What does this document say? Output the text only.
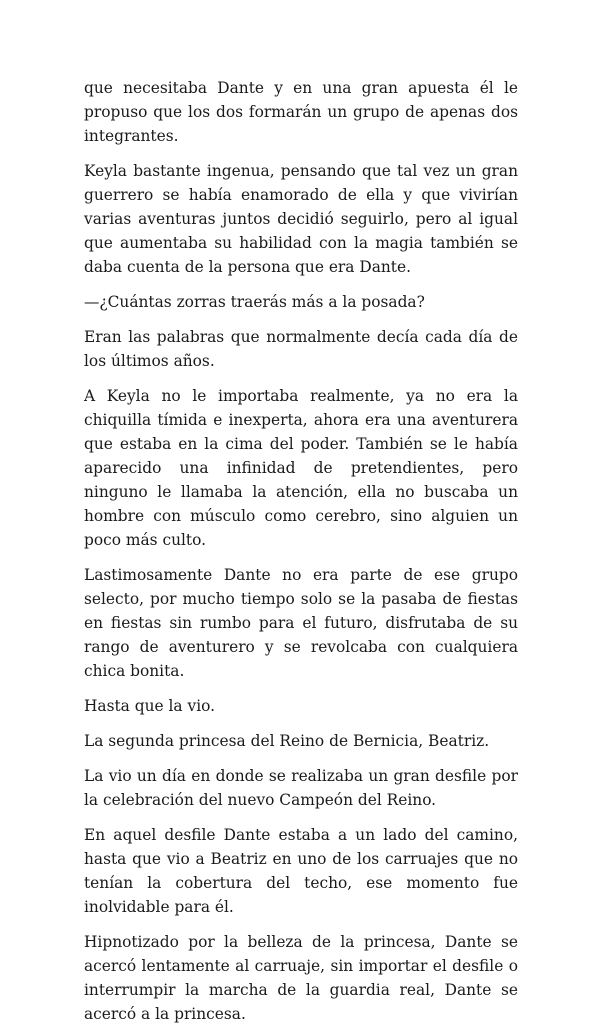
que necesitaba Dante y en una gran apuesta él le propuso que los dos formarán un grupo de apenas dos integrantes.

Keyla bastante ingenua, pensando que tal vez un gran guerrero se había enamorado de ella y que vivirían varias aventuras juntos decidió seguirlo, pero al igual que aumentaba su habilidad con la magia también se daba cuenta de la persona que era Dante.

—¿Cuántas zorras traerás más a la posada?

Eran las palabras que normalmente decía cada día de los últimos años.

A Keyla no le importaba realmente, ya no era la chiquilla tímida e inexperta, ahora era una aventurera que estaba en la cima del poder. También se le había aparecido una infinidad de pretendientes, pero ninguno le llamaba la atención, ella no buscaba un hombre con músculo como cerebro, sino alguien un poco más culto.

Lastimosamente Dante no era parte de ese grupo selecto, por mucho tiempo solo se la pasaba de fiestas en fiestas sin rumbo para el futuro, disfrutaba de su rango de aventurero y se revolcaba con cualquiera chica bonita.

Hasta que la vio.

La segunda princesa del Reino de Bernicia, Beatriz.

La vio un día en donde se realizaba un gran desfile por la celebración del nuevo Campeón del Reino.

En aquel desfile Dante estaba a un lado del camino, hasta que vio a Beatriz en uno de los carruajes que no tenían la cobertura del techo, ese momento fue inolvidable para él.

Hipnotizado por la belleza de la princesa, Dante se acercó lentamente al carruaje, sin importar el desfile o interrumpir la marcha de la guardia real, Dante se acercó a la princesa.
